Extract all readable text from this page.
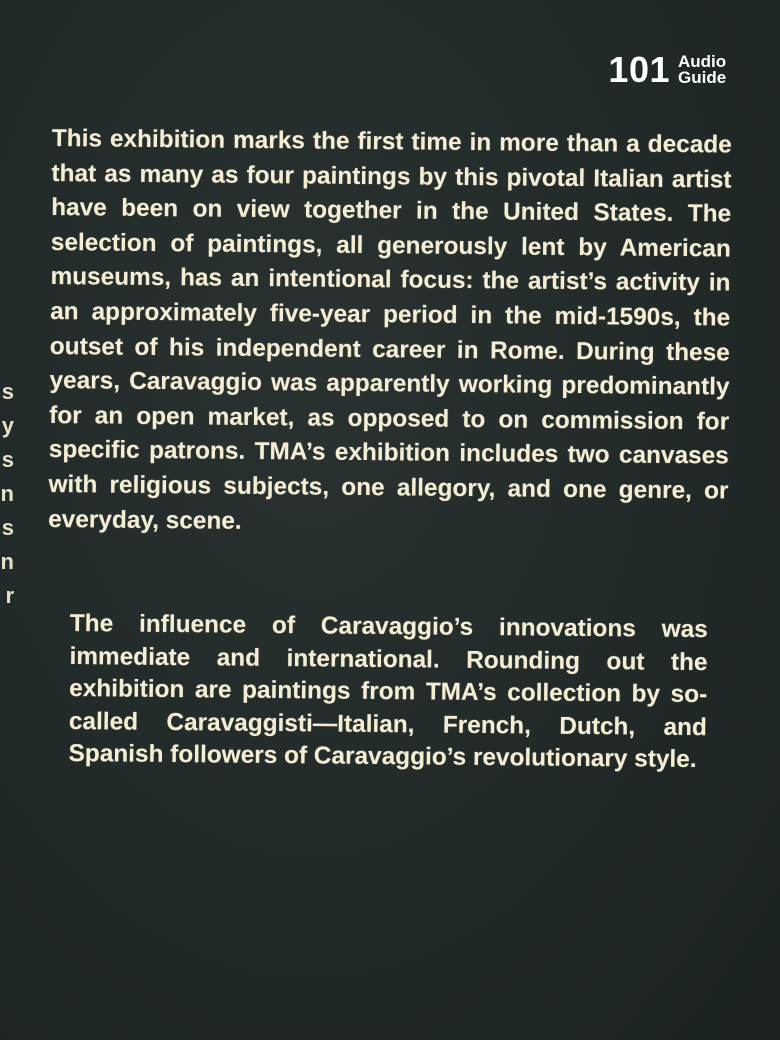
101 Audio Guide

This exhibition marks the first time in more than a decade that as many as four paintings by this pivotal Italian artist have been on view together in the United States. The selection of paintings, all generously lent by American museums, has an intentional focus: the artist’s activity in an approximately five-year period in the mid-1590s, the outset of his independent career in Rome. During these years, Caravaggio was apparently working predominantly for an open market, as opposed to on commission for specific patrons. TMA’s exhibition includes two canvases with religious subjects, one allegory, and one genre, or everyday, scene.

The influence of Caravaggio’s innovations was immediate and international. Rounding out the exhibition are paintings from TMA’s collection by so-called Caravaggisti—Italian, French, Dutch, and Spanish followers of Caravaggio’s revolutionary style.

s
y
s
n
s
n
r
